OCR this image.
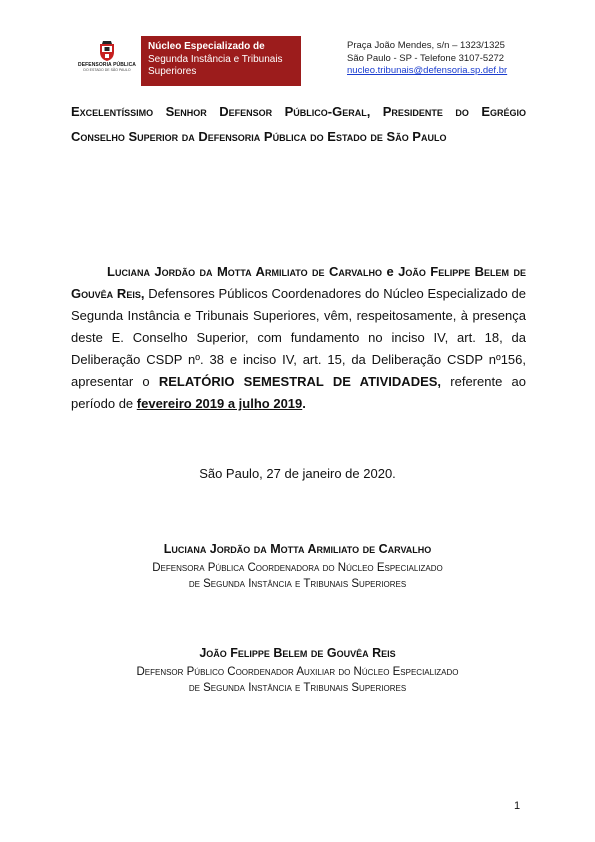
DEFENSORIA PÚBLICA
DO ESTADO DE SÃO PAULO
Núcleo Especializado de
Segunda Instância e Tribunais
Superiores
Praça João Mendes, s/n – 1323/1325
São Paulo - SP - Telefone 3107-5272
nucleo.tribunais@defensoria.sp.def.br
Excelentíssimo Senhor Defensor Público-Geral, Presidente do Egrégio Conselho Superior da Defensoria Pública do Estado de São Paulo
Luciana Jordão da Motta Armiliato de Carvalho e João Felippe Belem de Gouvêa Reis, Defensores Públicos Coordenadores do Núcleo Especializado de Segunda Instância e Tribunais Superiores, vêm, respeitosamente, à presença deste E. Conselho Superior, com fundamento no inciso IV, art. 18, da Deliberação CSDP nº. 38 e inciso IV, art. 15, da Deliberação CSDP nº156, apresentar o RELATÓRIO SEMESTRAL DE ATIVIDADES, referente ao período de fevereiro 2019 a julho 2019.
São Paulo, 27 de janeiro de 2020.
Luciana Jordão da Motta Armiliato de Carvalho
Defensora Pública Coordenadora do Núcleo Especializado
de Segunda Instância e Tribunais Superiores
João Felippe Belem de Gouvêa Reis
Defensor Público Coordenador Auxiliar do Núcleo Especializado
de Segunda Instância e Tribunais Superiores
1
